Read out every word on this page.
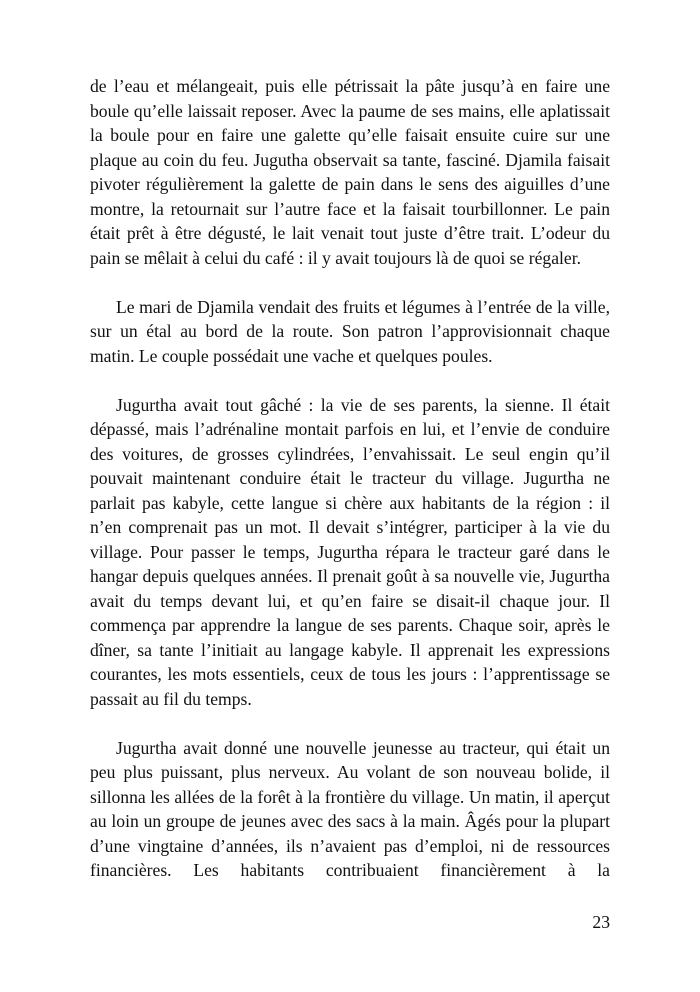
de l’eau et mélangeait, puis elle pétrissait la pâte jusqu’à en faire une boule qu’elle laissait reposer. Avec la paume de ses mains, elle aplatissait la boule pour en faire une galette qu’elle faisait ensuite cuire sur une plaque au coin du feu. Jugutha observait sa tante, fasciné. Djamila faisait pivoter régulièrement la galette de pain dans le sens des aiguilles d’une montre, la retournait sur l’autre face et la faisait tourbillonner. Le pain était prêt à être dégusté, le lait venait tout juste d’être trait. L’odeur du pain se mêlait à celui du café : il y avait toujours là de quoi se régaler.

Le mari de Djamila vendait des fruits et légumes à l’entrée de la ville, sur un étal au bord de la route. Son patron l’approvisionnait chaque matin. Le couple possédait une vache et quelques poules.

Jugurtha avait tout gâché : la vie de ses parents, la sienne. Il était dépassé, mais l’adrénaline montait parfois en lui, et l’envie de conduire des voitures, de grosses cylindrées, l’envahissait. Le seul engin qu’il pouvait maintenant conduire était le tracteur du village. Jugurtha ne parlait pas kabyle, cette langue si chère aux habitants de la région : il n’en comprenait pas un mot. Il devait s’intégrer, participer à la vie du village. Pour passer le temps, Jugurtha répara le tracteur garé dans le hangar depuis quelques années. Il prenait goût à sa nouvelle vie, Jugurtha avait du temps devant lui, et qu’en faire se disait-il chaque jour. Il commença par apprendre la langue de ses parents. Chaque soir, après le dîner, sa tante l’initiait au langage kabyle. Il apprenait les expressions courantes, les mots essentiels, ceux de tous les jours : l’apprentissage se passait au fil du temps.

Jugurtha avait donné une nouvelle jeunesse au tracteur, qui était un peu plus puissant, plus nerveux. Au volant de son nouveau bolide, il sillonna les allées de la forêt à la frontière du village. Un matin, il aperçut au loin un groupe de jeunes avec des sacs à la main. Âgés pour la plupart d’une vingtaine d’années, ils n’avaient pas d’emploi, ni de ressources financières. Les habitants contribuaient financièrement à la

23
